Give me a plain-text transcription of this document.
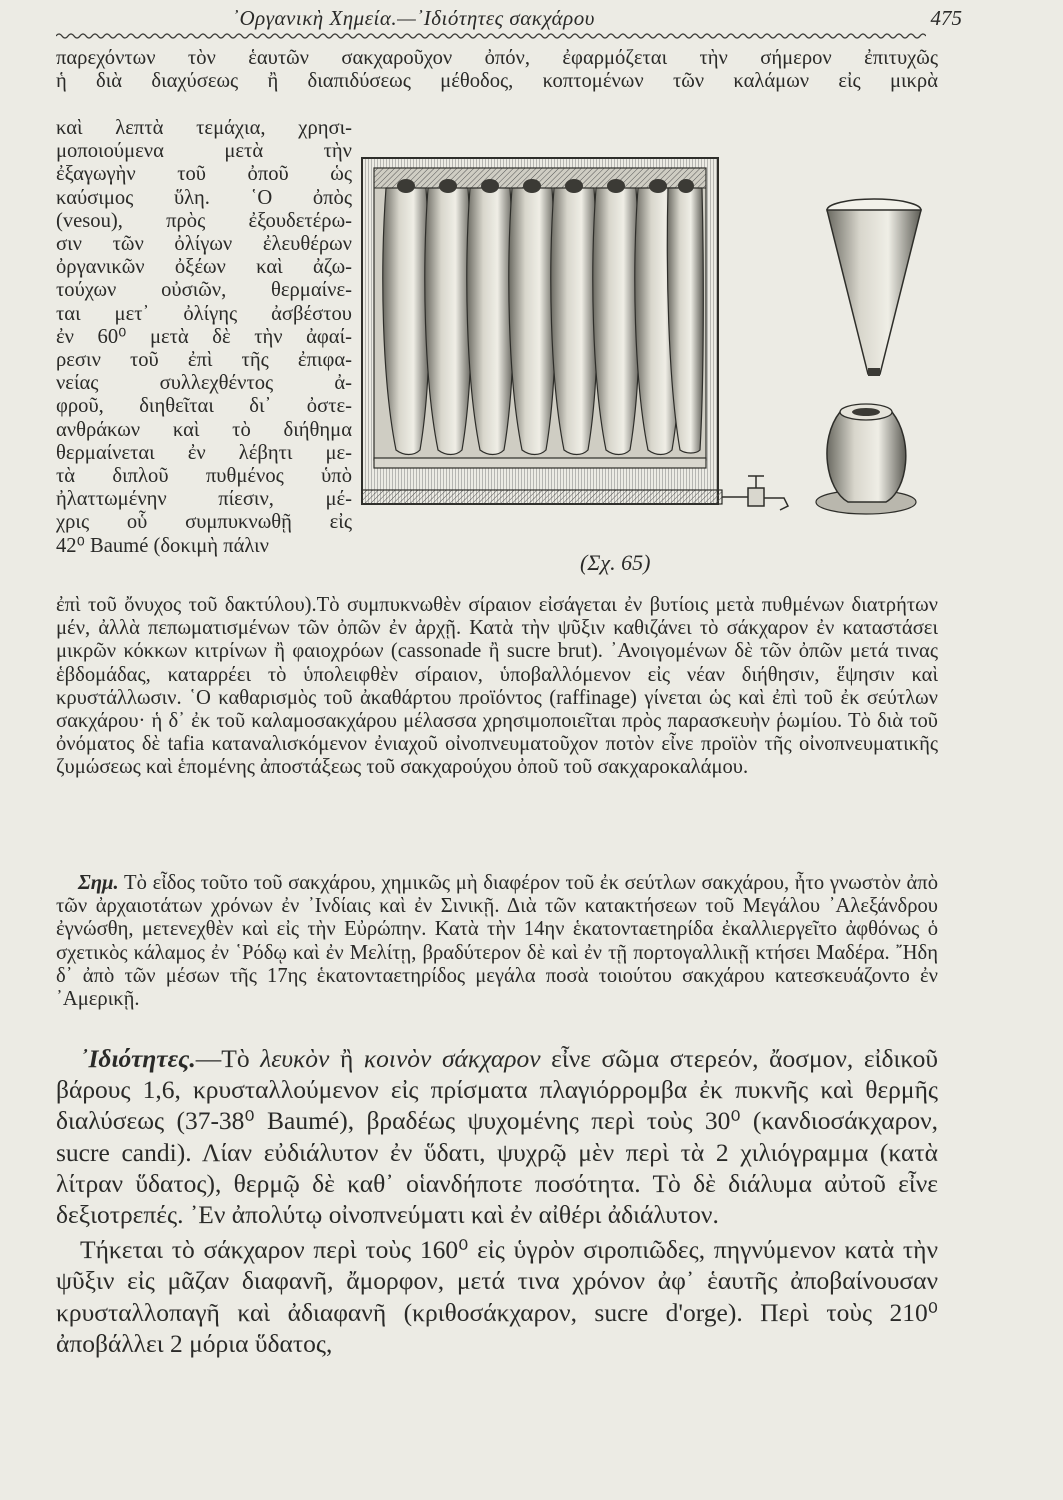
᾿Οργανικὴ Χημεία.—᾿Ιδιότητες σακχάρου	475

παρεχόντων τὸν ἑαυτῶν σακχαροῦχον ὀπόν, ἐφαρμόζεται τὴν σήμερον ἐπιτυχῶς

ἡ διὰ διαχύσεως ἢ διαπιδύσεως μέθοδος, κοπτομένων τῶν καλάμων εἰς μικρὰ

καὶ λεπτὰ τεμάχια, χρησι-
μοποιούμενα μετὰ τὴν
ἐξαγωγὴν τοῦ ὀποῦ ὡς
καύσιμος ὕλη. ῾Ο ὀπὸς
(vesou), πρὸς ἐξουδετέρω-
σιν τῶν ὀλίγων ἐλευθέρων
ὀργανικῶν ὀξέων καὶ ἀζω-
τούχων οὐσιῶν, θερμαίνε-
ται μετ᾿ ὀλίγης ἀσβέστου
ἐν 60⁰ μετὰ δὲ τὴν ἀφαί-
ρεσιν τοῦ ἐπὶ τῆς ἐπιφα-
νείας συλλεχθέντος ἀ-
φροῦ, διηθεῖται δι᾿ ὀστε-
ανθράκων καὶ τὸ διήθημα
θερμαίνεται ἐν λέβητι με-
τὰ διπλοῦ πυθμένος ὑπὸ
ἠλαττωμένην πίεσιν, μέ-
χρις οὗ συμπυκνωθῇ εἰς
42⁰ Baumé (δοκιμὴ πάλιν
(Σχ. 65)

ἐπὶ τοῦ ὄνυχος τοῦ δακτύλου).Τὸ συμπυκνωθὲν σίραιον εἰσάγεται ἐν βυτίοις μετὰ πυθμένων διατρήτων μέν, ἀλλὰ πεπωματισμένων τῶν ὀπῶν ἐν ἀρχῇ. Κατὰ τὴν ψῦξιν καθιζάνει τὸ σάκχαρον ἐν καταστάσει μικρῶν κόκκων κιτρίνων ἢ φαιοχρόων (cassonade ἢ sucre brut). ᾿Ανοιγομένων δὲ τῶν ὀπῶν μετά τινας ἑβδομάδας, καταρρέει τὸ ὑπολειφθὲν σίραιον, ὑποβαλλόμενον εἰς νέαν διήθησιν, ἕψησιν καὶ κρυστάλλωσιν. ῾Ο καθαρισμὸς τοῦ ἀκαθάρτου προϊόντος (raffinage) γίνεται ὡς καὶ ἐπὶ τοῦ ἐκ σεύτλων σακχάρου· ἡ δ᾿ ἐκ τοῦ καλαμοσακχάρου μέλασσα χρησιμοποιεῖται πρὸς παρασκευὴν ῥωμίου. Τὸ διὰ τοῦ ὀνόματος δὲ tafia καταναλισκόμενον ἐνιαχοῦ οἰνοπνευματοῦχον ποτὸν εἶνε προϊὸν τῆς οἰνοπνευματικῆς ζυμώσεως καὶ ἑπομένης ἀποστάξεως τοῦ σακχαρούχου ὀποῦ τοῦ σακχαροκαλάμου.

Σημ. Τὸ εἶδος τοῦτο τοῦ σακχάρου, χημικῶς μὴ διαφέρον τοῦ ἐκ σεύτλων σακχάρου, ἦτο γνωστὸν ἀπὸ τῶν ἀρχαιοτάτων χρόνων ἐν ᾿Ινδίαις καὶ ἐν Σινικῇ. Διὰ τῶν κατακτήσεων τοῦ Μεγάλου ᾿Αλεξάνδρου ἐγνώσθη, μετενεχθὲν καὶ εἰς τὴν Εὐρώπην. Κατὰ τὴν 14ην ἑκατονταετηρίδα ἐκαλλιεργεῖτο ἀφθόνως ὁ σχετικὸς κάλαμος ἐν ῾Ρόδῳ καὶ ἐν Μελίτῃ, βραδύτερον δὲ καὶ ἐν τῇ πορτογαλλικῇ κτήσει Μαδέρα. ῎Ηδη δ᾿ ἀπὸ τῶν μέσων τῆς 17ης ἑκατονταετηρίδος μεγάλα ποσὰ τοιούτου σακχάρου κατεσκευάζοντο ἐν ᾿Αμερικῇ.

᾿Ιδιότητες.—Τὸ λευκὸν ἢ κοινὸν σάκχαρον εἶνε σῶμα στερεόν, ἄοσμον, εἰδικοῦ βάρους 1,6, κρυσταλλούμενον εἰς πρίσματα πλαγιόρρομβα ἐκ πυκνῆς καὶ θερμῆς διαλύσεως (37-38⁰ Baumé), βραδέως ψυχομένης περὶ τοὺς 30⁰ (κανδιοσάκχαρον, sucre candi). Λίαν εὐδιάλυτον ἐν ὕδατι, ψυχρῷ μὲν περὶ τὰ 2 χιλιόγραμμα (κατὰ λίτραν ὕδατος), θερμῷ δὲ καθ᾿ οἱανδήποτε ποσότητα. Τὸ δὲ διάλυμα αὐτοῦ εἶνε δεξιοτρεπές. ᾿Εν ἀπολύτῳ οἰνοπνεύματι καὶ ἐν αἰθέρι ἀδιάλυτον.

Τήκεται τὸ σάκχαρον περὶ τοὺς 160⁰ εἰς ὑγρὸν σιροπιῶδες, πηγνύμενον κατὰ τὴν ψῦξιν εἰς μᾶζαν διαφανῆ, ἄμορφον, μετά τινα χρόνον ἀφ᾿ ἑαυτῆς ἀποβαίνουσαν κρυσταλλοπαγῆ καὶ ἀδιαφανῆ (κριθοσάκχαρον, sucre d'orge). Περὶ τοὺς 210⁰ ἀποβάλλει 2 μόρια ὕδατος,
